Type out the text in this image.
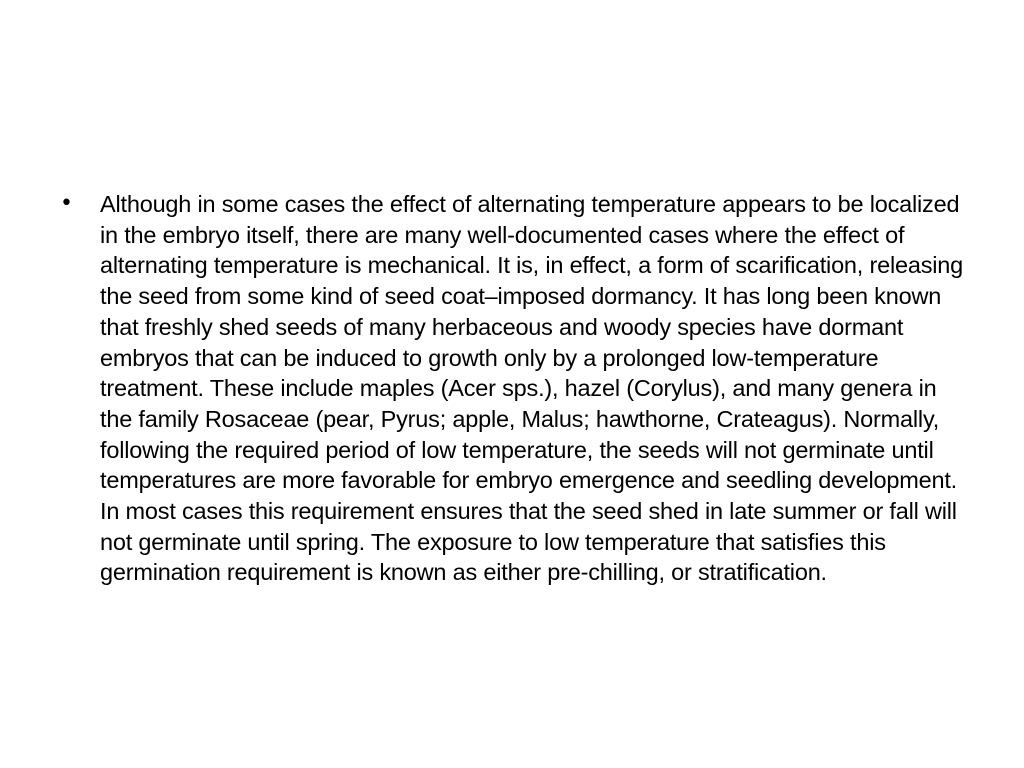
•	Although in some cases the effect of alternating temperature appears to be localized in the embryo itself, there are many well-documented cases where the effect of alternating temperature is mechanical. It is, in effect, a form of scarification, releasing the seed from some kind of seed coat–imposed dormancy. It has long been known that freshly shed seeds of many herbaceous and woody species have dormant embryos that can be induced to growth only by a prolonged low-temperature treatment. These include maples (Acer sps.), hazel (Corylus), and many genera in the family Rosaceae (pear, Pyrus; apple, Malus; hawthorne, Crateagus). Normally, following the required period of low temperature, the seeds will not germinate until temperatures are more favorable for embryo emergence and seedling development. In most cases this requirement ensures that the seed shed in late summer or fall will not germinate until spring. The exposure to low temperature that satisfies this germination requirement is known as either pre-chilling, or stratification.
